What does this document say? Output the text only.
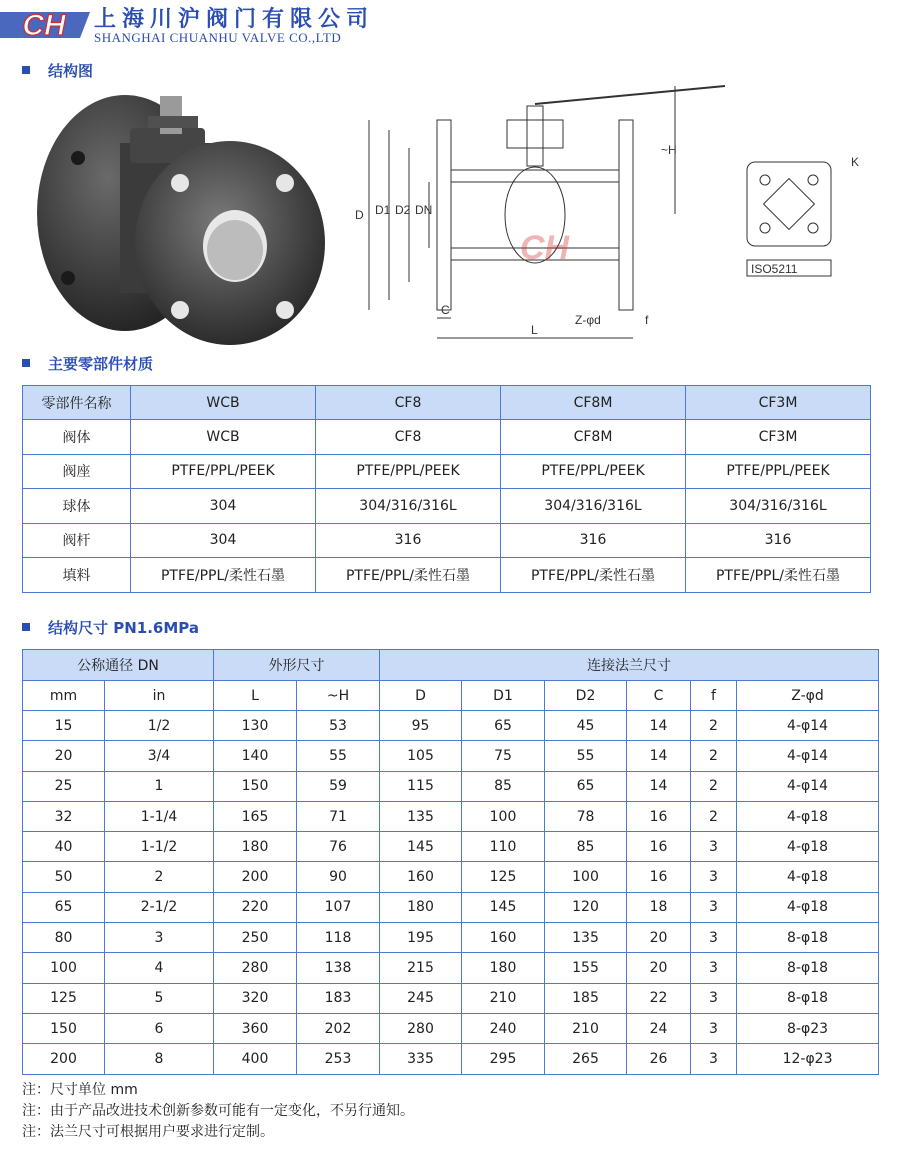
CH 上海川沪阀门有限公司
SHANGHAI CHUANHU VALVE CO.,LTD
结构图
D D1 D2 DN
L
C
~H
Z-φd	f
CH
ISO5211
K
主要零部件材质
零部件名称	WCB	CF8	CF8M	CF3M
阀体	WCB	CF8	CF8M	CF3M
阀座	PTFE/PPL/PEEK	PTFE/PPL/PEEK	PTFE/PPL/PEEK	PTFE/PPL/PEEK
球体	304	304/316/316L	304/316/316L	304/316/316L
阀杆	304	316	316	316
填料	PTFE/PPL/柔性石墨	PTFE/PPL/柔性石墨	PTFE/PPL/柔性石墨	PTFE/PPL/柔性石墨
结构尺寸 PN1.6MPa
公称通径 DN		外形尺寸		连接法兰尺寸					
mm	in	L	~H	D	D1	D2	C	f	Z-φd
15	1/2	130	53	95	65	45	14	2	4-φ14
20	3/4	140	55	105	75	55	14	2	4-φ14
25	1	150	59	115	85	65	14	2	4-φ14
32	1-1/4	165	71	135	100	78	16	2	4-φ18
40	1-1/2	180	76	145	110	85	16	3	4-φ18
50	2	200	90	160	125	100	16	3	4-φ18
65	2-1/2	220	107	180	145	120	18	3	4-φ18
80	3	250	118	195	160	135	20	3	8-φ18
100	4	280	138	215	180	155	20	3	8-φ18
125	5	320	183	245	210	185	22	3	8-φ18
150	6	360	202	280	240	210	24	3	8-φ23
200	8	400	253	335	295	265	26	3	12-φ23
注：尺寸单位 mm
注：由于产品改进技术创新参数可能有一定变化，不另行通知。
注：法兰尺寸可根据用户要求进行定制。
